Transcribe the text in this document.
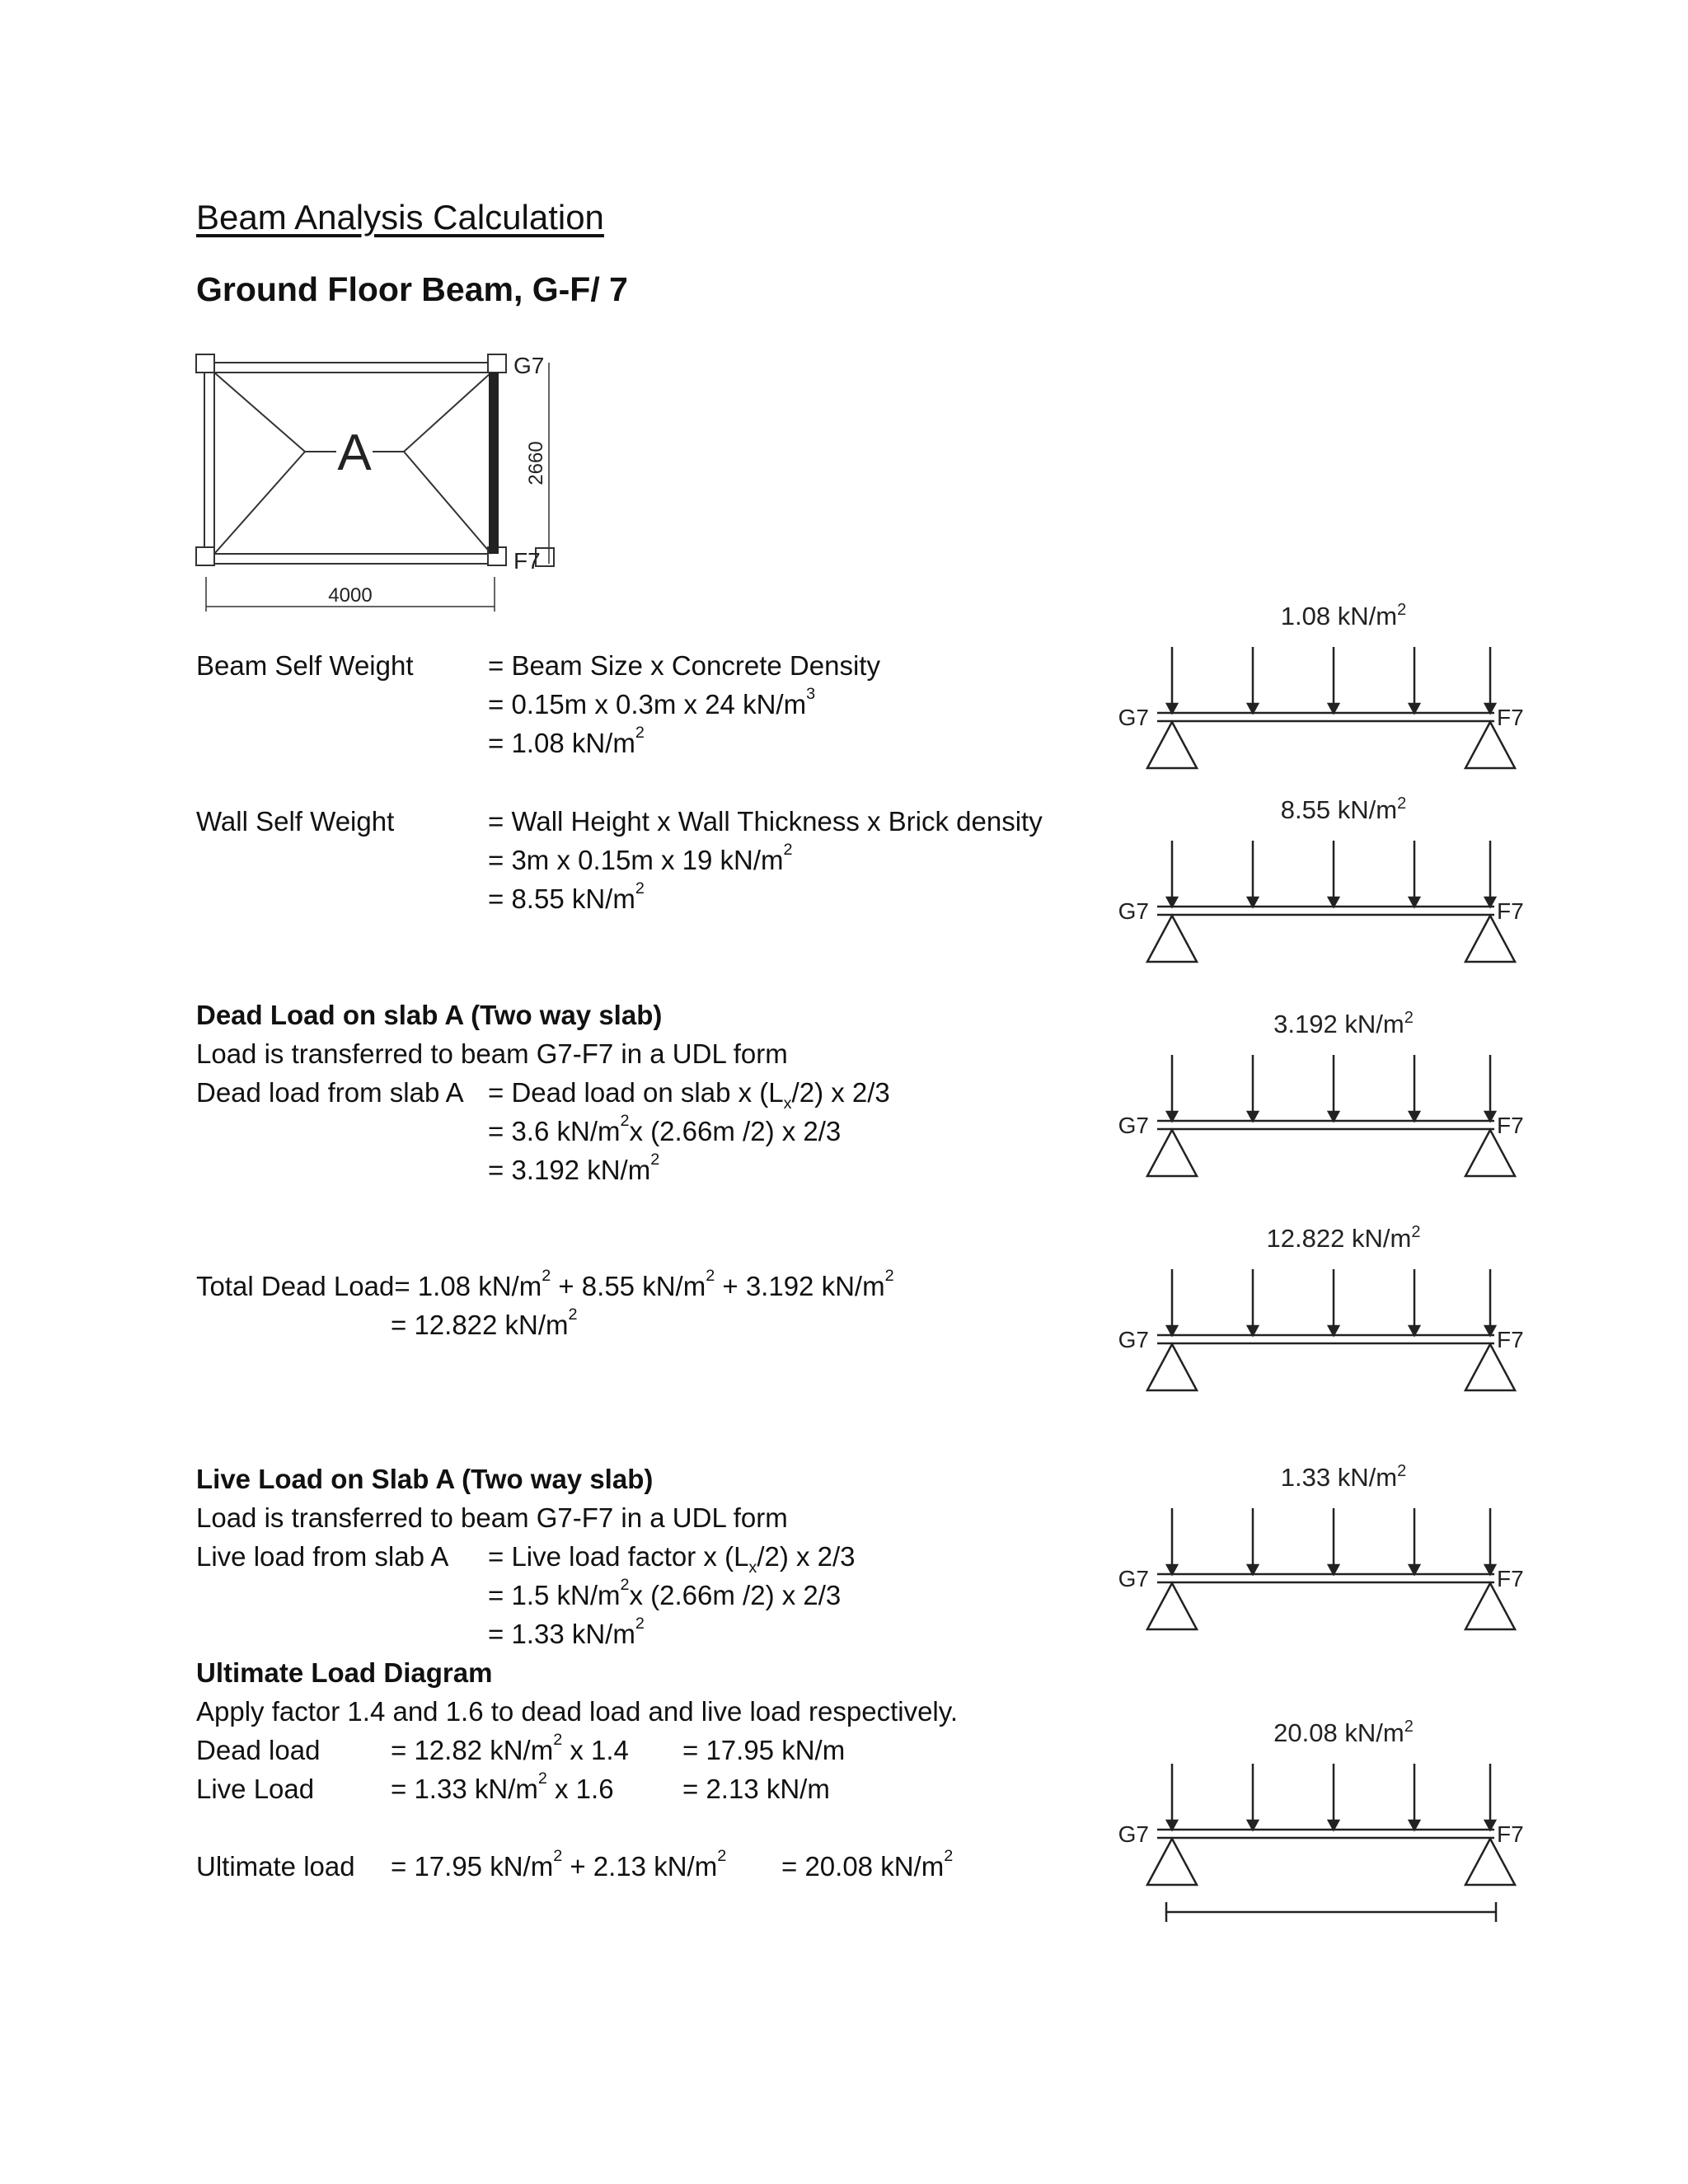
Beam Analysis Calculation
Ground Floor Beam, G-F/ 7
A
G7
F7
2660
4000
Beam Self Weight	= Beam Size x Concrete Density
= 0.15m x 0.3m x 24 $kN/m^3$
= 1.08 $kN/m^2$
Wall Self Weight	= Wall Height x Wall Thickness x Brick density
= 3m x 0.15m x 19 $kN/m^2$
= 8.55 $kN/m^2$
Dead Load on slab A (Two way slab)
Load is transferred to beam G7-F7 in a UDL form
Dead load from slab A = Dead load on slab x $(L_x/2)$ x 2/3
= 3.6 $kN/m^2x$ (2.66m /2) x 2/3
= 3.192 $kN/m^2$
Total Dead Load= 1.08 $kN/m^2 + 8.55$ $kN/m^2 + 3.192$ $kN/m^2$
= 12.822 $kN/m^2$
Live Load on Slab A (Two way slab)
Load is transferred to beam G7-F7 in a UDL form
Live load from slab A = Live load factor x $(L_x/2)$ x 2/3
= 1.5 $kN/m^2x$ (2.66m /2) x 2/3
= 1.33 $kN/m^2$
Ultimate Load Diagram
Apply factor 1.4 and 1.6 to dead load and live load respectively.
Dead load	= 12.82 $kN/m^2$ x 1.4 = 17.95 kN/m
Live Load	= 1.33 $kN/m^2$ x 1.6	= 2.13 kN/m
Ultimate load = 17.95 $kN/m^2 + 2.13$ $kN/m^2 = 20.08$ $kN/m^2$
1.08 $kN/m^2$
G7	F7
8.55 $kN/m^2$
G7	F7
3.192 $kN/m^2$
G7	F7
12.822 $kN/m^2$
G7	F7
1.33 $kN/m^2$
G7	F7
20.08 $kN/m^2$
G7	F7
